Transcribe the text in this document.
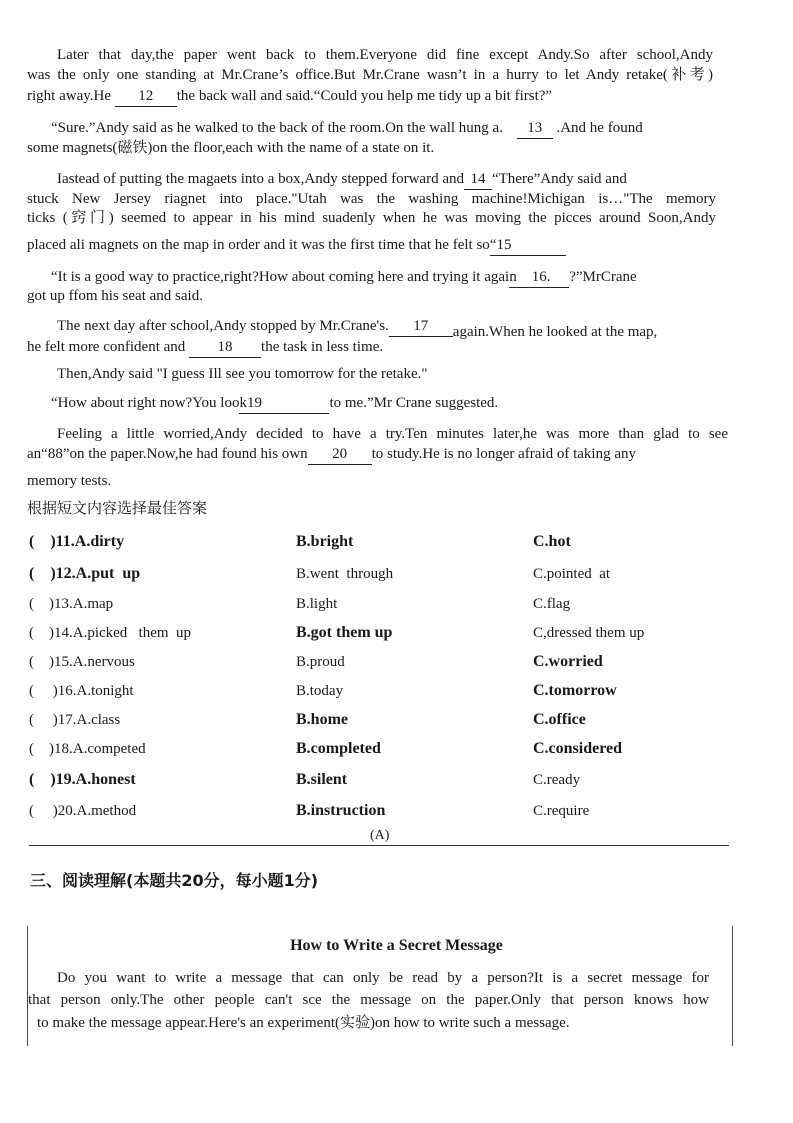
Later that day,the paper went back to them.Everyone did fine except Andy.So after school,Andy
was the only one standing at Mr.Crane’s office.But Mr.Crane wasn’t in a hurry to let Andy retake(补考)
right away.He 12 the back wall and said.“Could you help me tidy up a bit first?”
“Sure.”Andy said as he walked to the back of the room.On the wall hung a. 13 .And he found
some magnets(磁铁)on the floor,each with the name of a state on it.
Iastead of putting the magaets into a box,Andy stepped forward and 14 “There”Andy said and
stuck New Jersey riagnet into place."Utah was the washing machine!Michigan is…"The memory
ticks (窍门) seemed to appear in his mind suadenly when he was moving the picces around Soon,Andy
placed ali magnets on the map in order and it was the first time that he felt so“15
“It is a good way to practice,right?How about coming here and trying it again    16. ?”MrCrane
got up ffom his seat and said.
The next day after school,Andy stopped by Mr.Crane's. 17 again.When he looked at the map,
he felt more confident and 18 the task in less time.
Then,Andy said "I guess Ill see you tomorrow for the retake."
“How about right now?You look19	to me.”Mr Crane suggested.
Feeling a little worried,Andy decided to have a try.Ten minutes later,he was more than glad to see
an“88”on the paper.Now,he had found his own 20 to study.He is no longer afraid of taking any
memory tests.
根据短文内容选择最佳答案
(    )11.A.dirty	B.bright	C.hot
(    )12.A.put  up	B.went  through	C.pointed  at
(    )13.A.map	B.light	C.flag
(    )14.A.picked   them  up	B.got them up	C,dressed them up
(    )15.A.nervous	B.proud	C.worried
(     )16.A.tonight	B.today	C.tomorrow
(     )17.A.class	B.home	C.office
(    )18.A.competed	B.completed	C.considered
(    )19.A.honest	B.silent	C.ready
(     )20.A.method	B.instruction	C.require
(A)
三、阅读理解(本题共20分，每小题1分)
How to Write a Secret Message
Do you want to write a message that can only be read by a person?It is a secret message for
that person only.The other people can't sce the message on the paper.Only that person knows how
to make the message appear.Here's an experiment(实验)on how to write such a message.
